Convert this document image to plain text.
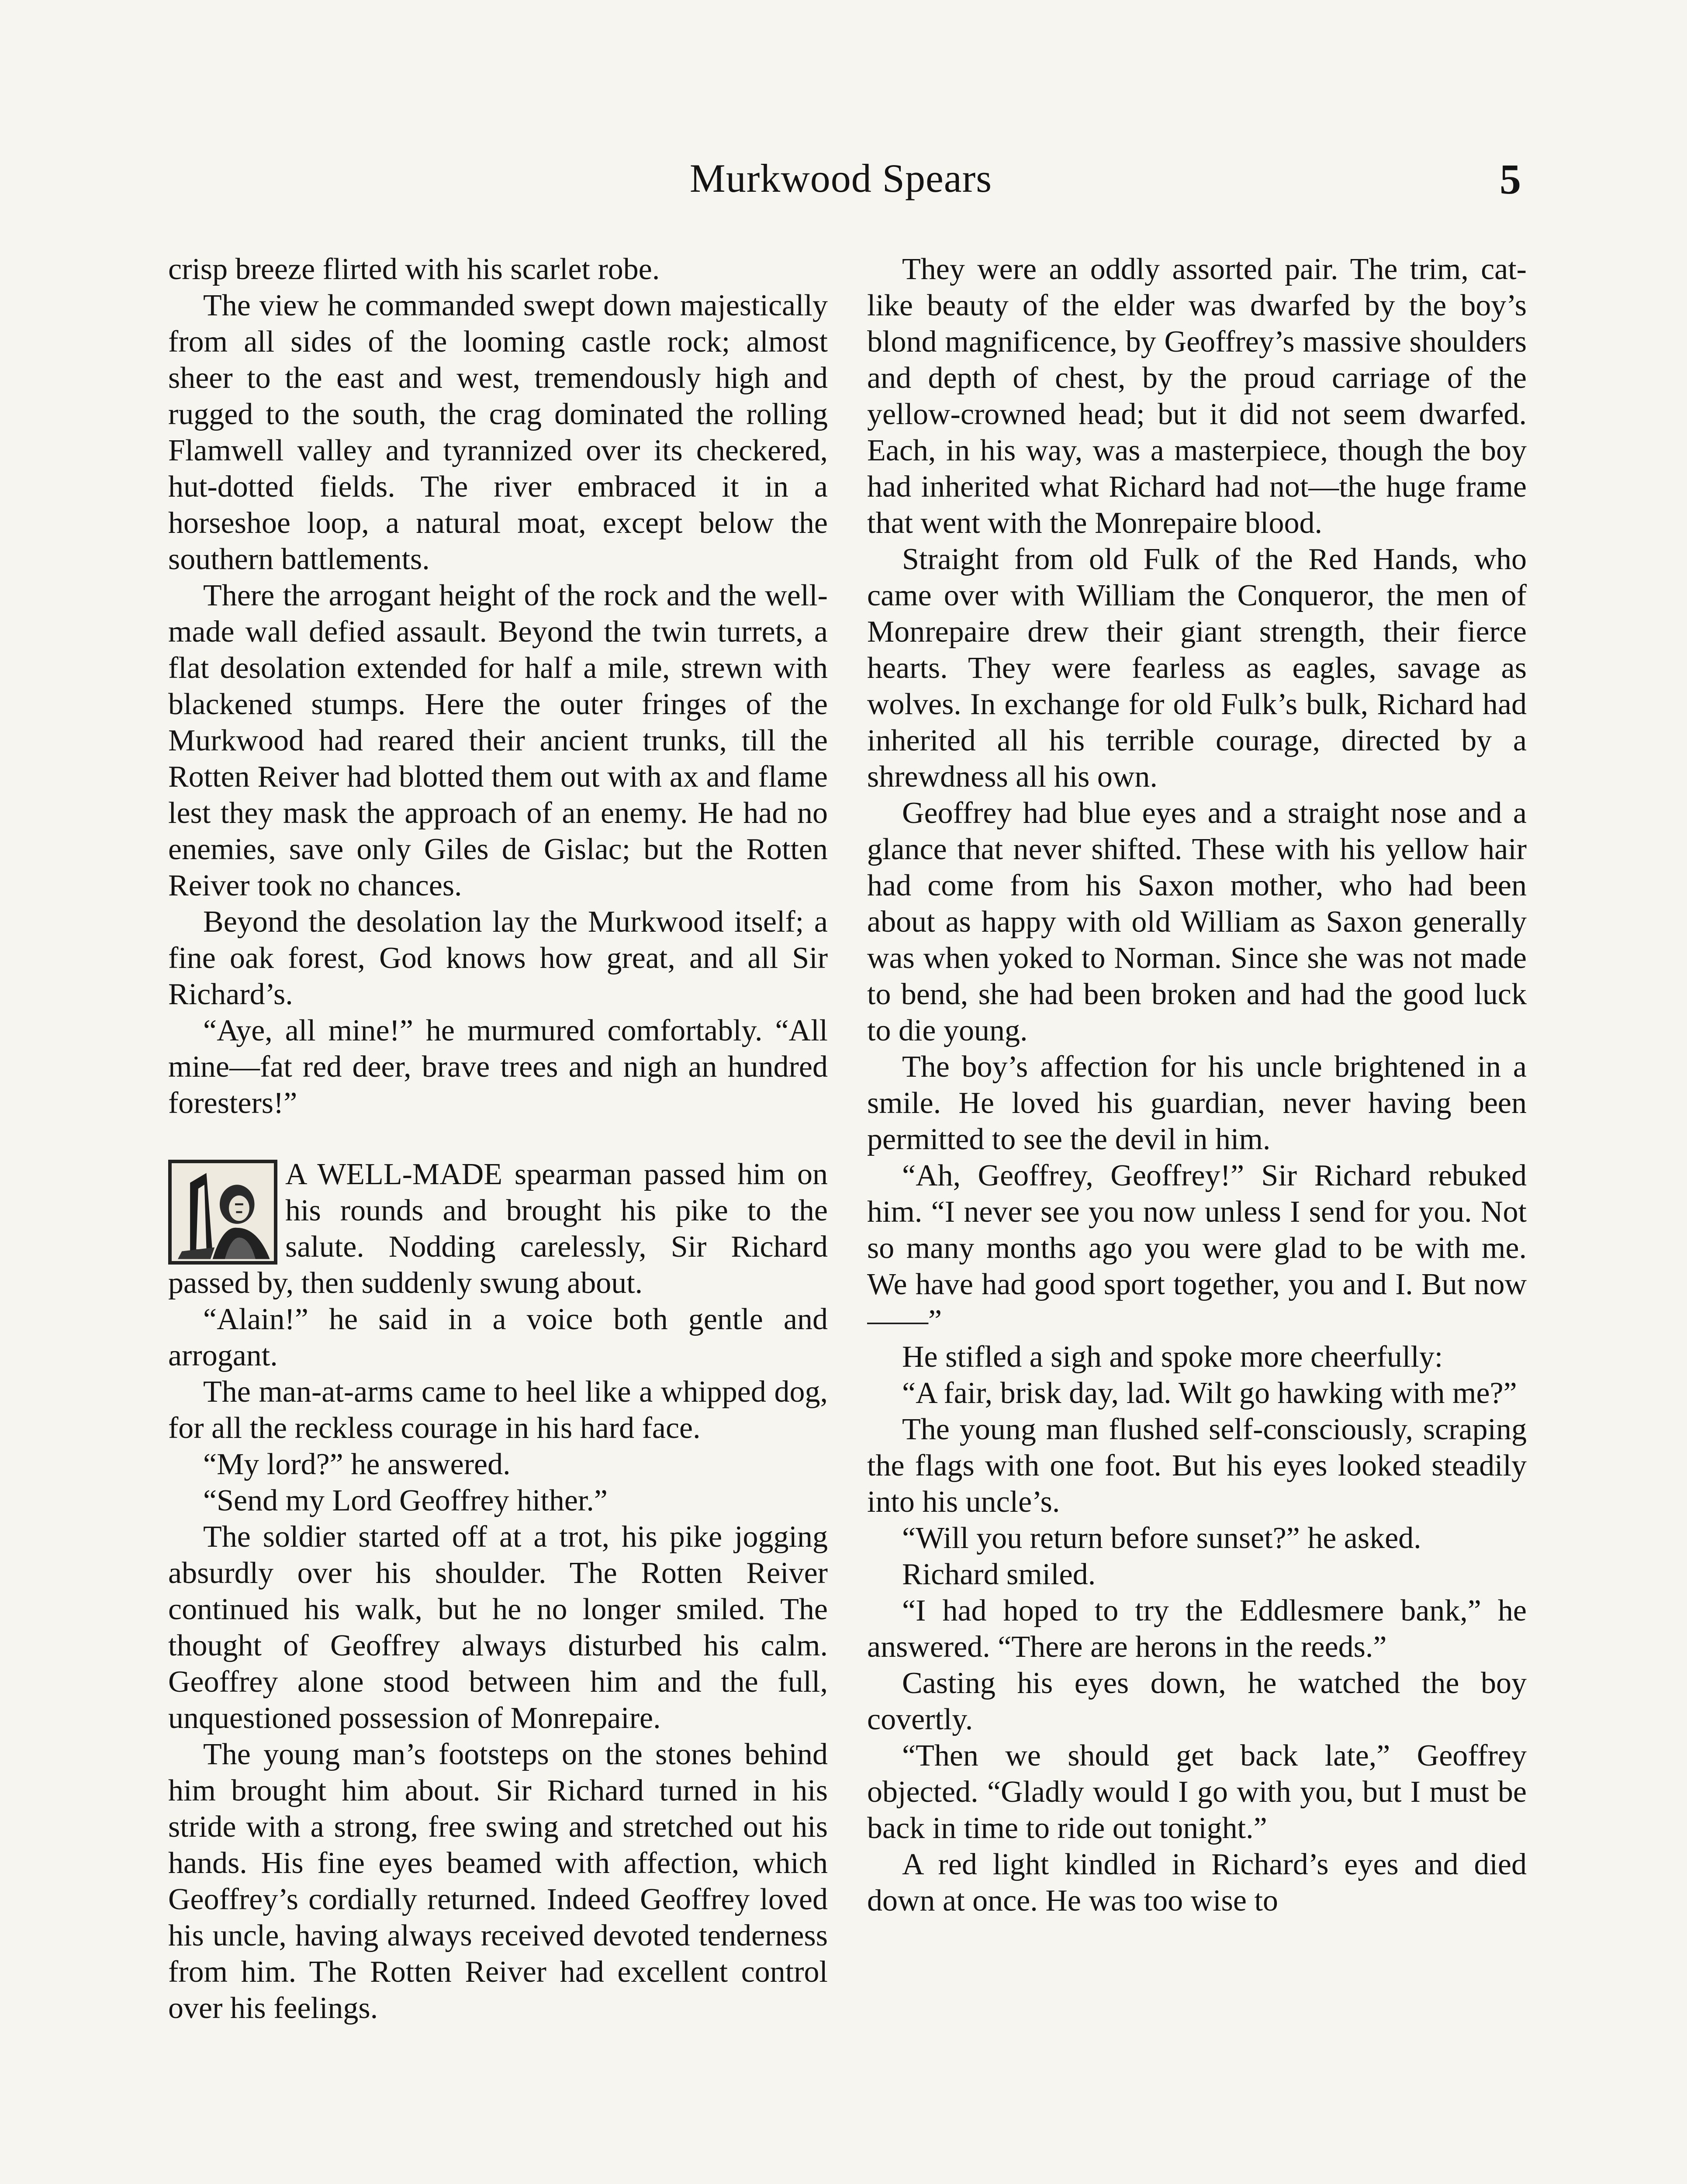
Murkwood Spears	5

crisp breeze flirted with his scarlet robe.

The view he commanded swept down majestically from all sides of the looming castle rock; almost sheer to the east and west, tremendously high and rugged to the south, the crag dominated the rolling Flamwell valley and tyrannized over its checkered, hut-dotted fields. The river embraced it in a horseshoe loop, a natural moat, except below the southern battlements.

There the arrogant height of the rock and the well-made wall defied assault. Beyond the twin turrets, a flat desolation extended for half a mile, strewn with blackened stumps. Here the outer fringes of the Murkwood had reared their ancient trunks, till the Rotten Reiver had blotted them out with ax and flame lest they mask the approach of an enemy. He had no enemies, save only Giles de Gislac; but the Rotten Reiver took no chances.

Beyond the desolation lay the Murkwood itself; a fine oak forest, God knows how great, and all Sir Richard’s.

“Aye, all mine!” he murmured comfortably. “All mine—fat red deer, brave trees and nigh an hundred foresters!”

A WELL-MADE spearman passed him on his rounds and brought his pike to the salute. Nodding carelessly, Sir Richard passed by, then suddenly swung about.

“Alain!” he said in a voice both gentle and arrogant.

The man-at-arms came to heel like a whipped dog, for all the reckless courage in his hard face.

“My lord?” he answered.

“Send my Lord Geoffrey hither.”

The soldier started off at a trot, his pike jogging absurdly over his shoulder. The Rotten Reiver continued his walk, but he no longer smiled. The thought of Geoffrey always disturbed his calm. Geoffrey alone stood between him and the full, unquestioned possession of Monrepaire.

The young man’s footsteps on the stones behind him brought him about. Sir Richard turned in his stride with a strong, free swing and stretched out his hands. His fine eyes beamed with affection, which Geoffrey’s cordially returned. Indeed Geoffrey loved his uncle, having always received devoted tenderness from him. The Rotten Reiver had excellent control over his feelings.

They were an oddly assorted pair. The trim, cat-like beauty of the elder was dwarfed by the boy’s blond magnificence, by Geoffrey’s massive shoulders and depth of chest, by the proud carriage of the yellow-crowned head; but it did not seem dwarfed. Each, in his way, was a masterpiece, though the boy had inherited what Richard had not—the huge frame that went with the Monrepaire blood.

Straight from old Fulk of the Red Hands, who came over with William the Conqueror, the men of Monrepaire drew their giant strength, their fierce hearts. They were fearless as eagles, savage as wolves. In exchange for old Fulk’s bulk, Richard had inherited all his terrible courage, directed by a shrewdness all his own.

Geoffrey had blue eyes and a straight nose and a glance that never shifted. These with his yellow hair had come from his Saxon mother, who had been about as happy with old William as Saxon generally was when yoked to Norman. Since she was not made to bend, she had been broken and had the good luck to die young.

The boy’s affection for his uncle brightened in a smile. He loved his guardian, never having been permitted to see the devil in him.

“Ah, Geoffrey, Geoffrey!” Sir Richard rebuked him. “I never see you now unless I send for you. Not so many months ago you were glad to be with me. We have had good sport together, you and I. But now——”

He stifled a sigh and spoke more cheerfully:

“A fair, brisk day, lad. Wilt go hawking with me?”

The young man flushed self-consciously, scraping the flags with one foot. But his eyes looked steadily into his uncle’s.

“Will you return before sunset?” he asked.

Richard smiled.

“I had hoped to try the Eddlesmere bank,” he answered. “There are herons in the reeds.”

Casting his eyes down, he watched the boy covertly.

“Then we should get back late,” Geoffrey objected. “Gladly would I go with you, but I must be back in time to ride out tonight.”

A red light kindled in Richard’s eyes and died down at once. He was too wise to
